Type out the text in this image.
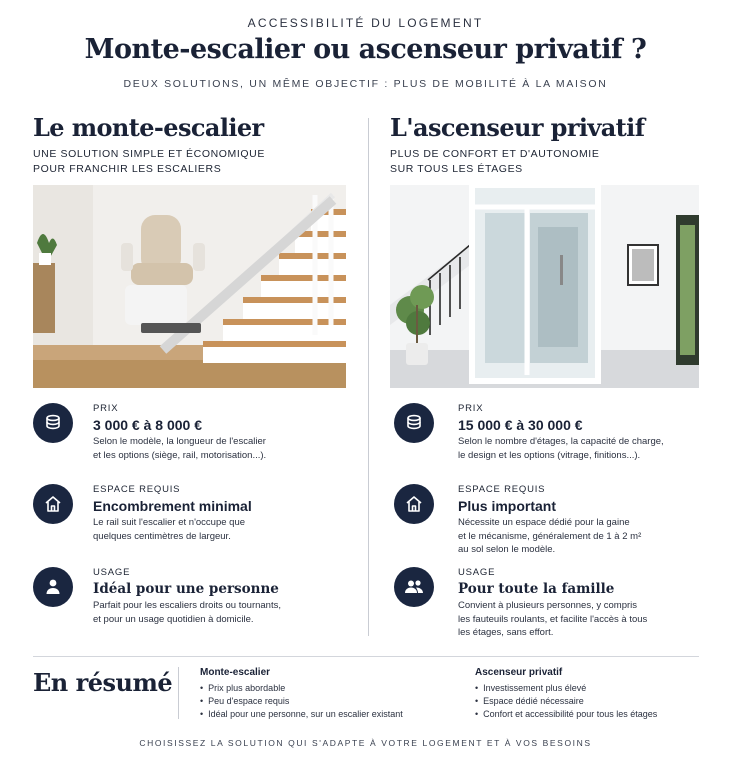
ACCESSIBILITÉ DU LOGEMENT
Monte-escalier ou ascenseur privatif ?
DEUX SOLUTIONS, UN MÊME OBJECTIF : PLUS DE MOBILITÉ À LA MAISON
Le monte-escalier
UNE SOLUTION SIMPLE ET ÉCONOMIQUE
POUR FRANCHIR LES ESCALIERS
L'ascenseur privatif
PLUS DE CONFORT ET D'AUTONOMIE
SUR TOUS LES ÉTAGES
PRIX
3 000 € à 8 000 €
Selon le modèle, la longueur de l'escalier
et les options (siège, rail, motorisation...).
ESPACE REQUIS
Encombrement minimal
Le rail suit l'escalier et n'occupe que
quelques centimètres de largeur.
USAGE
Idéal pour une personne
Parfait pour les escaliers droits ou tournants,
et pour un usage quotidien à domicile.
PRIX
15 000 € à 30 000 €
Selon le nombre d'étages, la capacité de charge,
le design et les options (vitrage, finitions...).
ESPACE REQUIS
Plus important
Nécessite un espace dédié pour la gaine
et le mécanisme, généralement de 1 à 2 m²
au sol selon le modèle.
USAGE
Pour toute la famille
Convient à plusieurs personnes, y compris
les fauteuils roulants, et facilite l'accès à tous
les étages, sans effort.
En résumé	Monte-escalier
• Prix plus abordable
• Peu d'espace requis
• Idéal pour une personne, sur un escalier existant
Ascenseur privatif
• Investissement plus élevé
• Espace dédié nécessaire
• Confort et accessibilité pour tous les étages
CHOISISSEZ LA SOLUTION QUI S'ADAPTE À VOTRE LOGEMENT ET À VOS BESOINS
